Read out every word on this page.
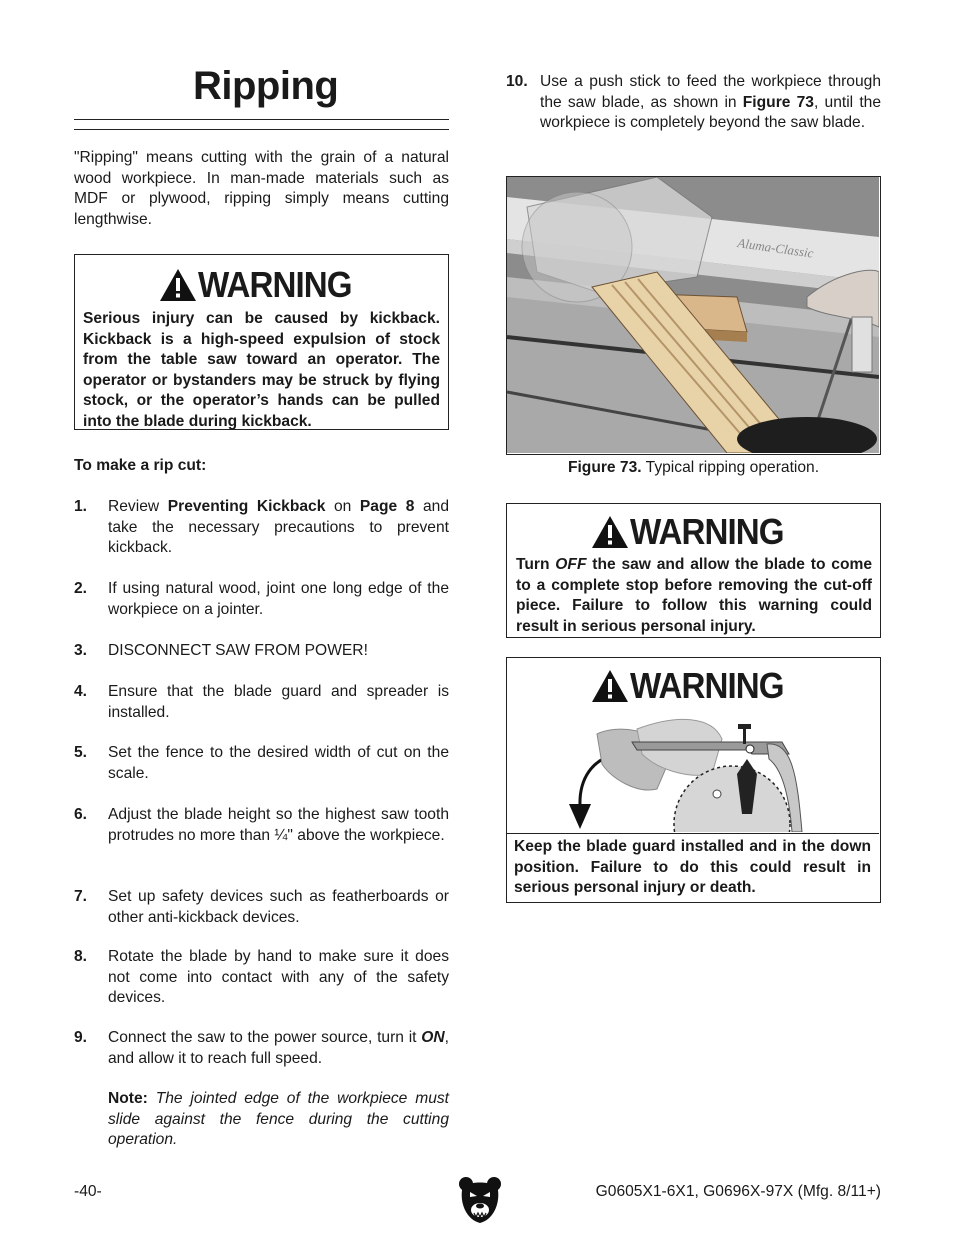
Ripping
"Ripping" means cutting with the grain of a natural wood workpiece. In man-made materials such as MDF or plywood, ripping simply means cutting lengthwise.
WARNING
Serious injury can be caused by kickback. Kickback is a high-speed expulsion of stock from the table saw toward an operator. The operator or bystanders may be struck by flying stock, or the operator’s hands can be pulled into the blade during kickback.
To make a rip cut:
1. Review Preventing Kickback on Page 8 and take the necessary precautions to prevent kickback.
2. If using natural wood, joint one long edge of the workpiece on a jointer.
3. DISCONNECT SAW FROM POWER!
4. Ensure that the blade guard and spreader is installed.
5. Set the fence to the desired width of cut on the scale.
6. Adjust the blade height so the highest saw tooth protrudes no more than ¼" above the workpiece.
7. Set up safety devices such as featherboards or other anti-kickback devices.
8. Rotate the blade by hand to make sure it does not come into contact with any of the safety devices.
9. Connect the saw to the power source, turn it ON, and allow it to reach full speed.
Note: The jointed edge of the workpiece must slide against the fence during the cutting operation.
10. Use a push stick to feed the workpiece through the saw blade, as shown in Figure 73, until the workpiece is completely beyond the saw blade.
Aluma-Classic
Figure 73. Typical ripping operation.
WARNING
Turn OFF the saw and allow the blade to come to a complete stop before removing the cut-off piece. Failure to follow this warning could result in serious personal injury.
WARNING
Keep the blade guard installed and in the down position. Failure to do this could result in serious personal injury or death.
-40-	G0605X1-6X1, G0696X-97X (Mfg. 8/11+)
